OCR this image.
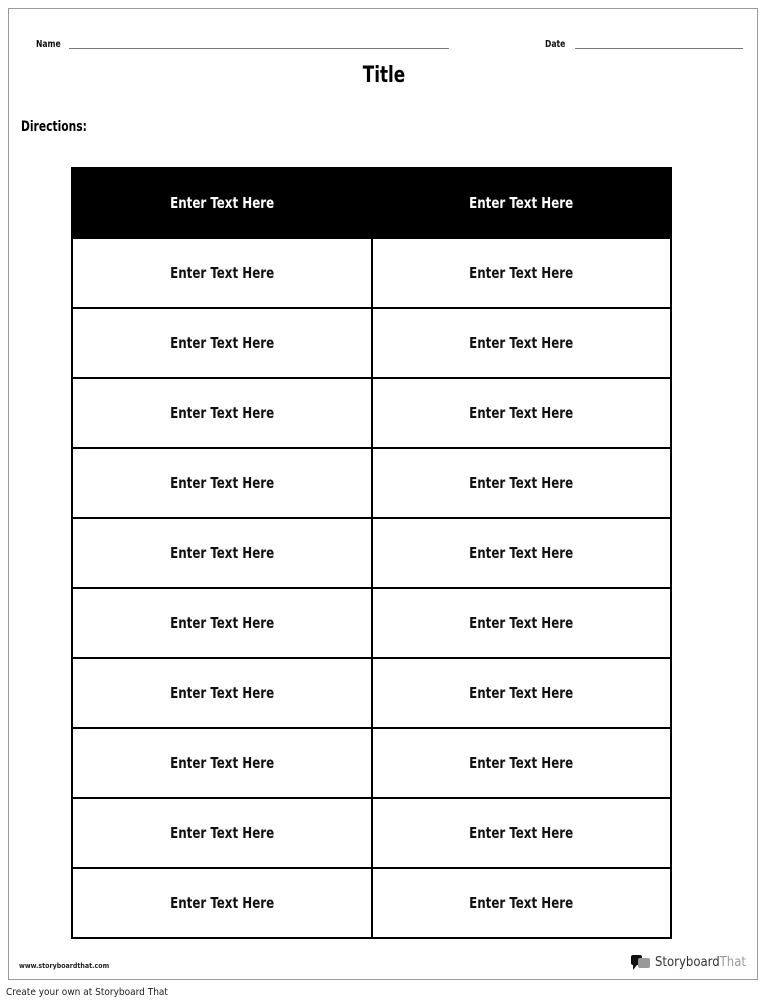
Name	Date
Title
Directions:
Enter Text Here	Enter Text Here
Enter Text Here	Enter Text Here
Enter Text Here	Enter Text Here
Enter Text Here	Enter Text Here
Enter Text Here	Enter Text Here
Enter Text Here	Enter Text Here
Enter Text Here	Enter Text Here
Enter Text Here	Enter Text Here
Enter Text Here	Enter Text Here
Enter Text Here	Enter Text Here
Enter Text Here	Enter Text Here
www.storyboardthat.com	StoryboardThat
Create your own at Storyboard That
